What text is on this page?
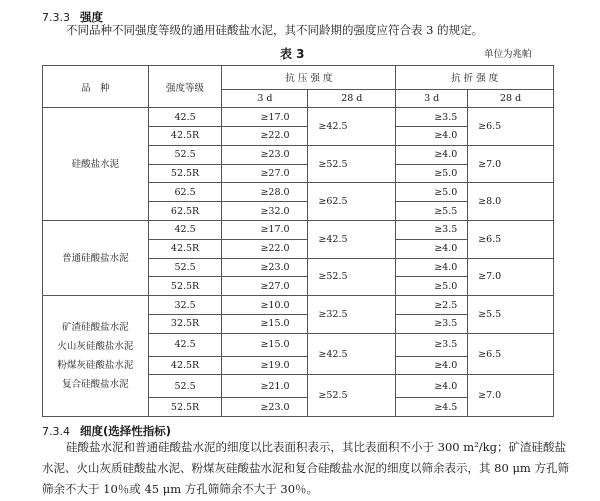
7.3.3 强度
不同品种不同强度等级的通用硅酸盐水泥，其不同龄期的强度应符合表 3 的规定。
表 3	单位为兆帕
品　种	强度等级	抗 压 强 度		抗 折 强 度	
		3 d	28 d	3 d	28 d

硅酸盐水泥	42.5	≥17.0	≥42.5	≥3.5	≥6.5
	42.5R	≥22.0		≥4.0	
	52.5	≥23.0	≥52.5	≥4.0	≥7.0
	52.5R	≥27.0		≥5.0	
	62.5	≥28.0	≥62.5	≥5.0	≥8.0
	62.5R	≥32.0		≥5.5	

普通硅酸盐水泥	42.5	≥17.0	≥42.5	≥3.5	≥6.5
	42.5R	≥22.0		≥4.0	
	52.5	≥23.0	≥52.5	≥4.0	≥7.0
	52.5R	≥27.0		≥5.0	

矿渣硅酸盐水泥
火山灰硅酸盐水泥
粉煤灰硅酸盐水泥
复合硅酸盐水泥	32.5	≥10.0	≥32.5	≥2.5	≥5.5
	32.5R	≥15.0		≥3.5	
	42.5	≥15.0	≥42.5	≥3.5	≥6.5
	42.5R	≥19.0		≥4.0	
	52.5	≥21.0	≥52.5	≥4.0	≥7.0
	52.5R	≥23.0		≥4.5	
7.3.4 细度(选择性指标)
硅酸盐水泥和普通硅酸盐水泥的细度以比表面积表示，其比表面积不小于 300 m²/kg；矿渣硅酸盐
水泥、火山灰质硅酸盐水泥、粉煤灰硅酸盐水泥和复合硅酸盐水泥的细度以筛余表示，其 80 μm 方孔筛
筛余不大于 10％或 45 μm 方孔筛筛余不大于 30％。
